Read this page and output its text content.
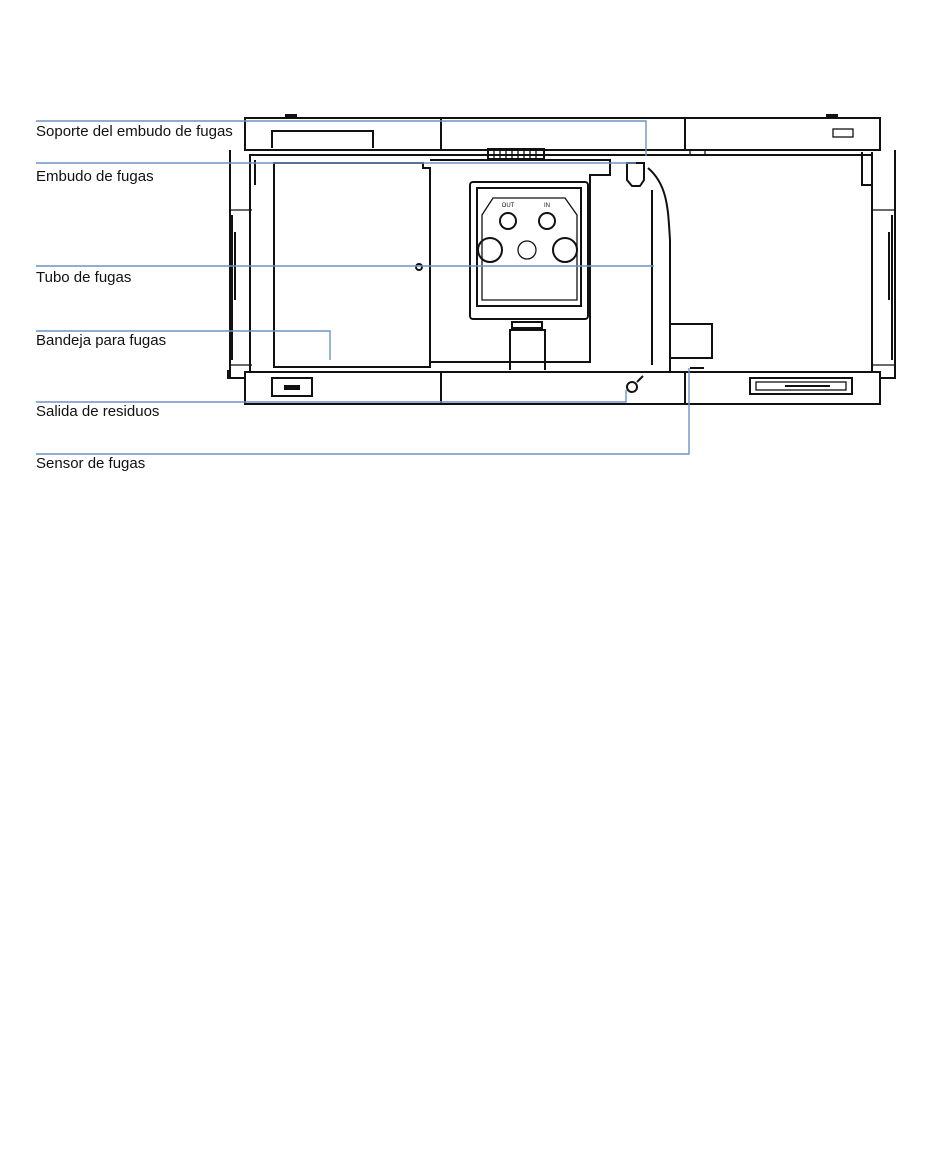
OUT	IN
Soporte del embudo de fugas
Embudo de fugas
Tubo de fugas
Bandeja para fugas
Salida de residuos
Sensor de fugas
